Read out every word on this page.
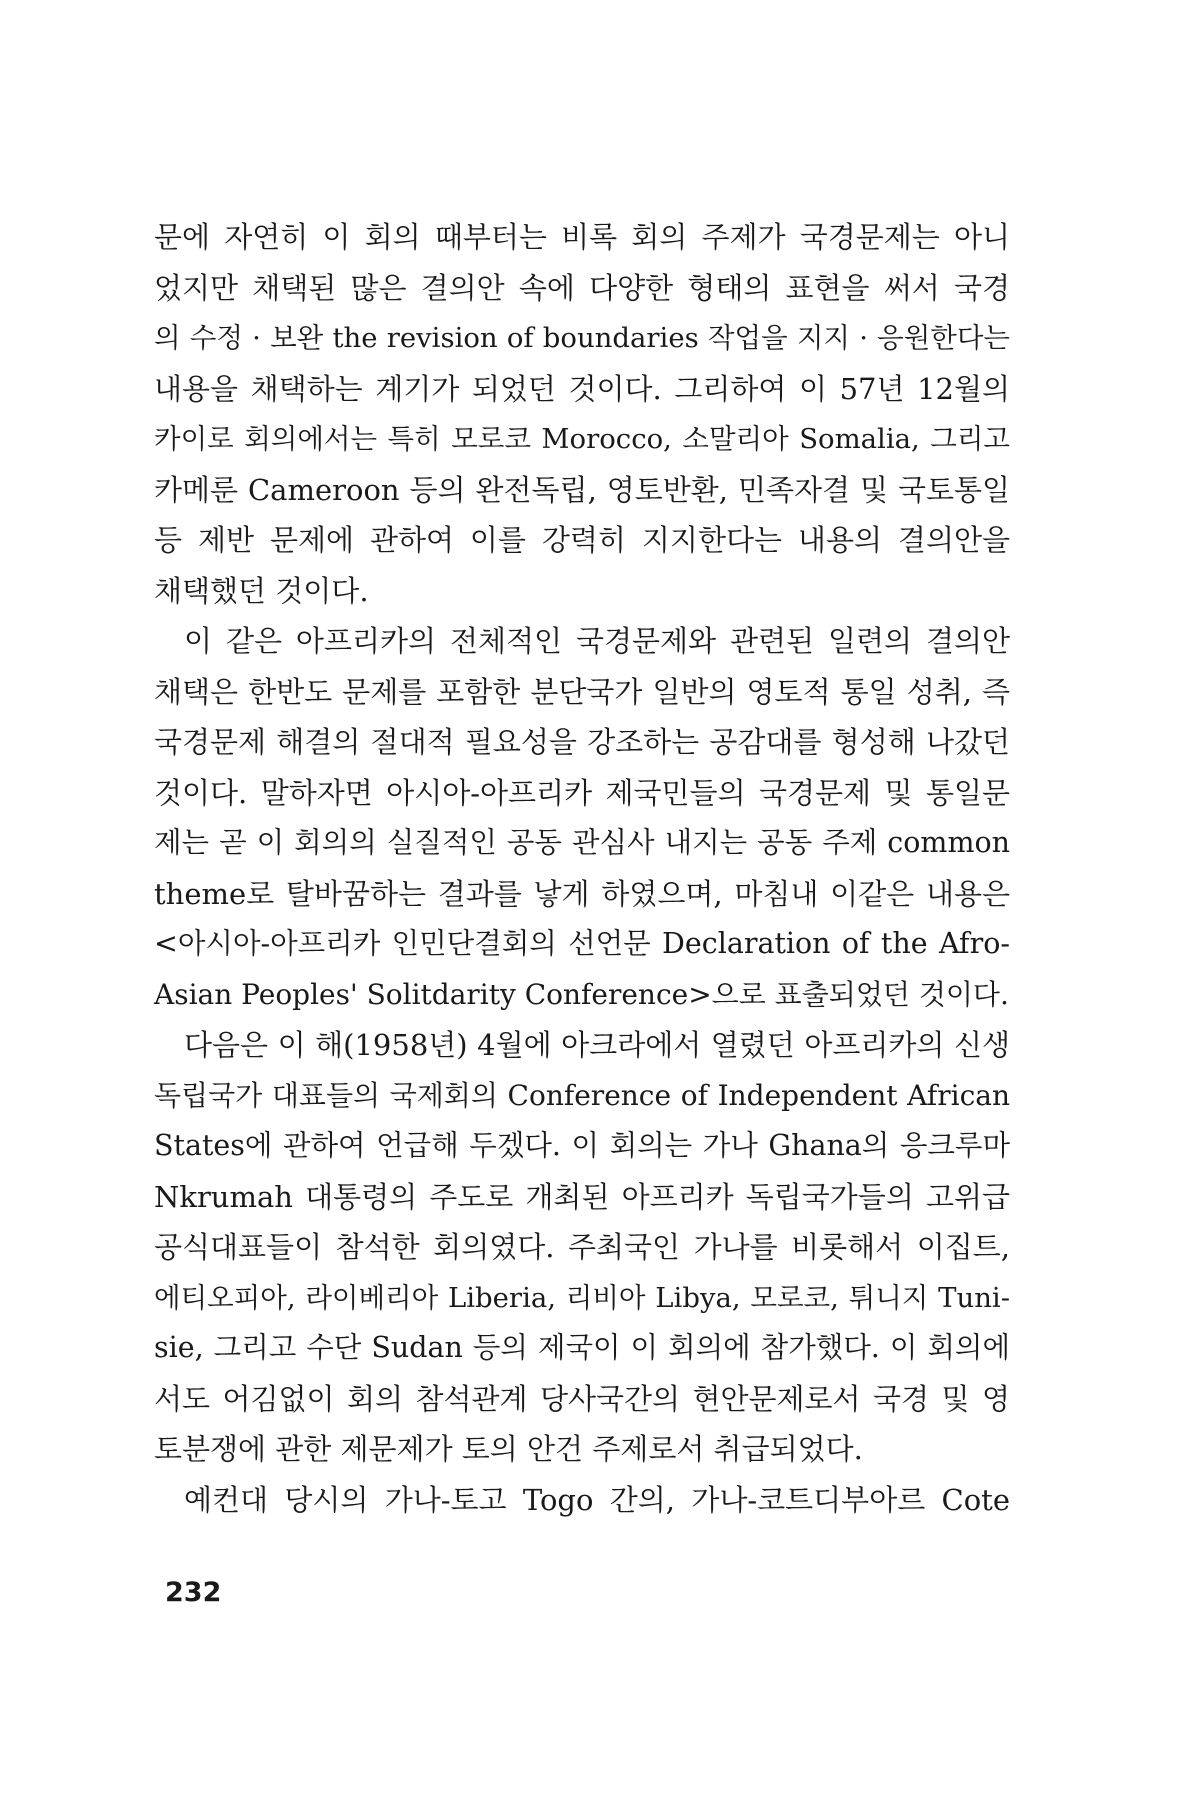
문에 자연히 이 회의 때부터는 비록 회의 주제가 국경문제는 아니
었지만 채택된 많은 결의안 속에 다양한 형태의 표현을 써서 국경
의 수정 · 보완 the revision of boundaries 작업을 지지 · 응원한다는
내용을 채택하는 계기가 되었던 것이다. 그리하여 이 57년 12월의
카이로 회의에서는 특히 모로코 Morocco, 소말리아 Somalia, 그리고
카메룬 Cameroon 등의 완전독립, 영토반환, 민족자결 및 국토통일
등 제반 문제에 관하여 이를 강력히 지지한다는 내용의 결의안을
채택했던 것이다.
이 같은 아프리카의 전체적인 국경문제와 관련된 일련의 결의안
채택은 한반도 문제를 포함한 분단국가 일반의 영토적 통일 성취, 즉
국경문제 해결의 절대적 필요성을 강조하는 공감대를 형성해 나갔던
것이다. 말하자면 아시아-아프리카 제국민들의 국경문제 및 통일문
제는 곧 이 회의의 실질적인 공동 관심사 내지는 공동 주제 common
theme로 탈바꿈하는 결과를 낳게 하였으며, 마침내 이같은 내용은
<아시아-아프리카 인민단결회의 선언문 Declaration of the Afro-
Asian Peoples' Solitdarity Conference>으로 표출되었던 것이다.
다음은 이 해(1958년) 4월에 아크라에서 열렸던 아프리카의 신생
독립국가 대표들의 국제회의 Conference of Independent African
States에 관하여 언급해 두겠다. 이 회의는 가나 Ghana의 응크루마
Nkrumah 대통령의 주도로 개최된 아프리카 독립국가들의 고위급
공식대표들이 참석한 회의였다. 주최국인 가나를 비롯해서 이집트,
에티오피아, 라이베리아 Liberia, 리비아 Libya, 모로코, 튀니지 Tuni-
sie, 그리고 수단 Sudan 등의 제국이 이 회의에 참가했다. 이 회의에
서도 어김없이 회의 참석관계 당사국간의 현안문제로서 국경 및 영
토분쟁에 관한 제문제가 토의 안건 주제로서 취급되었다.
예컨대 당시의 가나-토고 Togo 간의, 가나-코트디부아르 Cote
232
